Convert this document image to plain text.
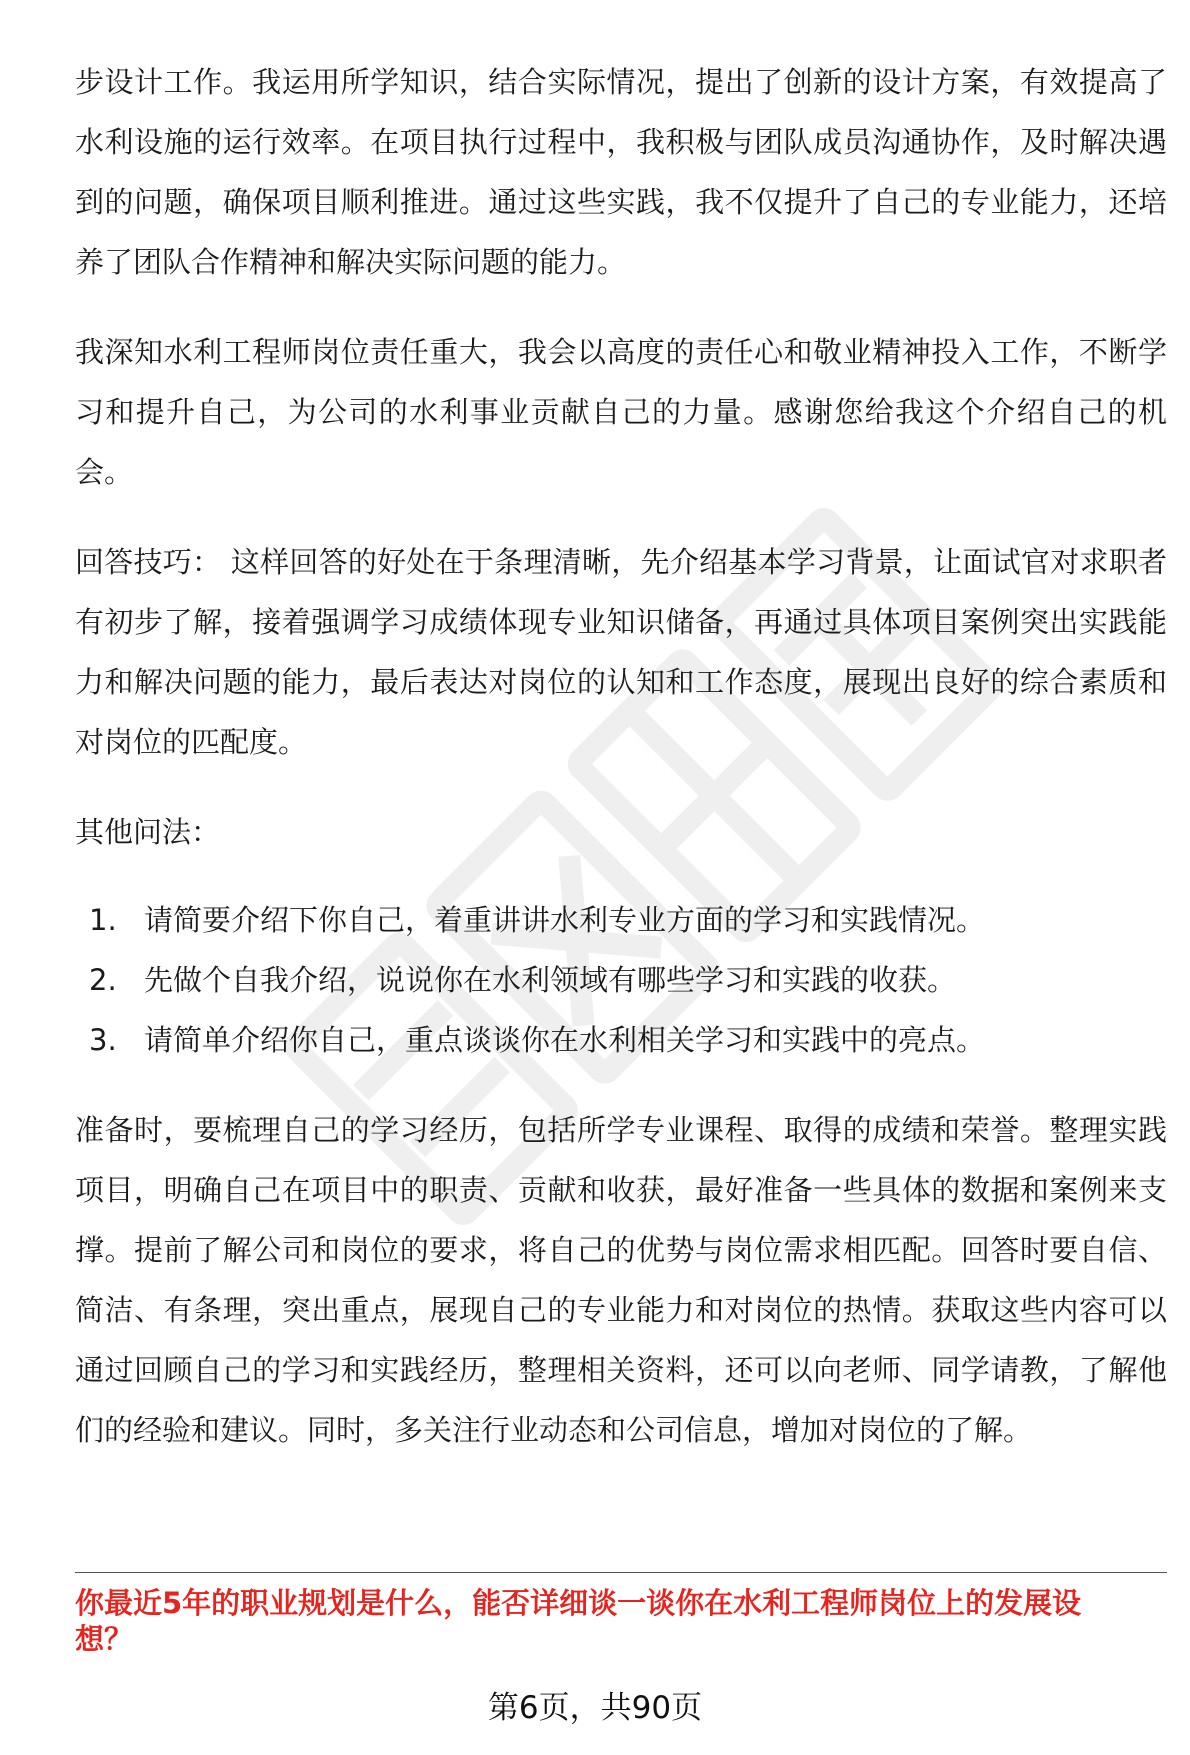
步设计工作。我运用所学知识，结合实际情况，提出了创新的设计方案，有效提高了水利设施的运行效率。在项目执行过程中，我积极与团队成员沟通协作，及时解决遇到的问题，确保项目顺利推进。通过这些实践，我不仅提升了自己的专业能力，还培养了团队合作精神和解决实际问题的能力。

我深知水利工程师岗位责任重大，我会以高度的责任心和敬业精神投入工作，不断学习和提升自己，为公司的水利事业贡献自己的力量。感谢您给我这个介绍自己的机会。

回答技巧： 这样回答的好处在于条理清晰，先介绍基本学习背景，让面试官对求职者有初步了解，接着强调学习成绩体现专业知识储备，再通过具体项目案例突出实践能力和解决问题的能力，最后表达对岗位的认知和工作态度，展现出良好的综合素质和对岗位的匹配度。

其他问法：

1. 请简要介绍下你自己，着重讲讲水利专业方面的学习和实践情况。
2. 先做个自我介绍，说说你在水利领域有哪些学习和实践的收获。
3. 请简单介绍你自己，重点谈谈你在水利相关学习和实践中的亮点。

准备时，要梳理自己的学习经历，包括所学专业课程、取得的成绩和荣誉。整理实践项目，明确自己在项目中的职责、贡献和收获，最好准备一些具体的数据和案例来支撑。提前了解公司和岗位的要求，将自己的优势与岗位需求相匹配。回答时要自信、简洁、有条理，突出重点，展现自己的专业能力和对岗位的热情。获取这些内容可以通过回顾自己的学习和实践经历，整理相关资料，还可以向老师、同学请教，了解他们的经验和建议。同时，多关注行业动态和公司信息，增加对岗位的了解。

你最近5年的职业规划是什么，能否详细谈一谈你在水利工程师岗位上的发展设想？
第6页，共90页
